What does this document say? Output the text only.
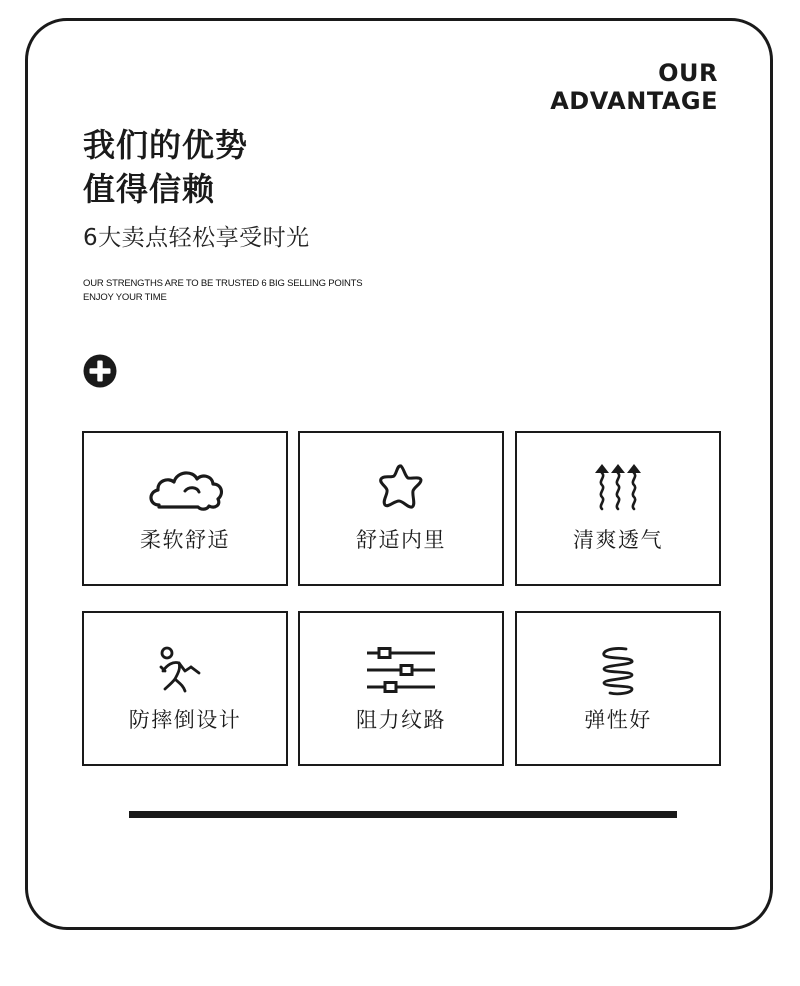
OUR
ADVANTAGE
我们的优势
值得信赖
6大卖点轻松享受时光
OUR STRENGTHS ARE TO BE TRUSTED 6 BIG SELLING POINTS
ENJOY YOUR TIME
柔软舒适	舒适内里	清爽透气
防摔倒设计	阻力纹路	弹性好
